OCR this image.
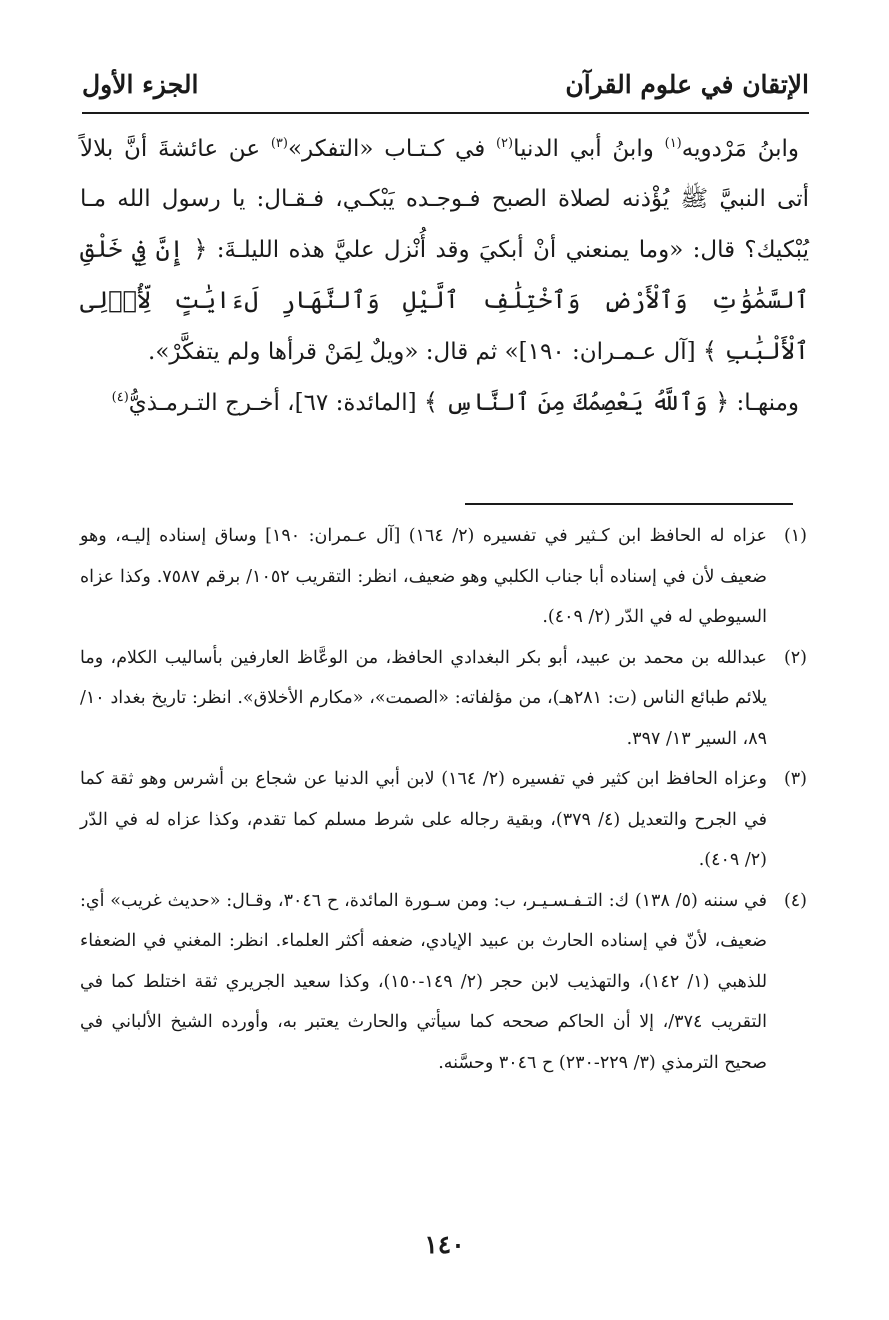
الإتقان في علوم القرآن
الجزء الأول

وابنُ مَرْدويه$^{(١)}$ وابنُ أبي الدنيا$^{(٢)}$ في كـتـاب «التفكر»$^{(٣)}$ عن عائشةَ أنَّ بلالاً أتى النبيَّ ﷺ يُؤْذنه لصلاة الصبح فـوجـده يَبْكـي، فـقـال: يا رسول الله مـا يُبْكيك؟ قال: «وما يمنعني أنْ أبكيَ وقد أُنْزل عليَّ هذه الليلـةَ: ﴿ إِنَّ فِي خَلْقِ ٱلسَّمَٰوَٰتِ وَٱلْأَرْضِ وَٱخْتِلَٰفِ ٱلَّيْلِ وَٱلنَّهَارِ لَءَايَٰتٍ لِّأُو۟لِى ٱلْأَلْبَٰبِ ﴾ [آل عـمـران: ١٩٠]» ثم قال: «ويلٌ لِمَنْ قرأها ولم يتفكَّرْ».

ومنهـا: ﴿ وَٱللَّهُ يَعْصِمُكَ مِنَ ٱلنَّاسِ ﴾ [المائدة: ٦٧]، أخـرج التـرمـذيُّ$^{(٤)}$

(١)
عزاه له الحافظ ابن كـثير في تفسيره (٢/ ١٦٤) [آل عـمران: ١٩٠] وساق إسناده إليـه، وهو ضعيف لأن في إسناده أبا جناب الكلبي وهو ضعيف، انظر: التقريب ١٠٥٢/ برقم ٧٥٨٧. وكذا عزاه السيوطي له في الدّر (٢/ ٤٠٩).

(٢)
عبدالله بن محمد بن عبيد، أبو بكر البغدادي الحافظ، من الوعَّاظ العارفين بأساليب الكلام، وما يلائم طبائع الناس (ت: ٢٨١هـ)، من مؤلفاته: «الصمت»، «مكارم الأخلاق». انظر: تاريخ بغداد ١٠/ ٨٩، السير ١٣/ ٣٩٧.

(٣)
وعزاه الحافظ ابن كثير في تفسيره (٢/ ١٦٤) لابن أبي الدنيا عن شجاع بن أشرس وهو ثقة كما في الجرح والتعديل (٤/ ٣٧٩)، وبقية رجاله على شرط مسلم كما تقدم، وكذا عزاه له في الدّر (٢/ ٤٠٩).

(٤)
في سننه (٥/ ١٣٨) ك: التـفـسـيـر، ب: ومن سـورة المائدة، ح ٣٠٤٦، وقـال: «حديث غريب» أي: ضعيف، لأنّ في إسناده الحارث بن عبيد الإيادي، ضعفه أكثر العلماء. انظر: المغني في الضعفاء للذهبي (١/ ١٤٢)، والتهذيب لابن حجر (٢/ ١٤٩-١٥٠)، وكذا سعيد الجريري ثقة اختلط كما في التقريب ٣٧٤/، إلا أن الحاكم صححه كما سيأتي والحارث يعتبر به، وأورده الشيخ الألباني في صحيح الترمذي (٣/ ٢٢٩-٢٣٠) ح ٣٠٤٦ وحسَّنه.

١٤٠
